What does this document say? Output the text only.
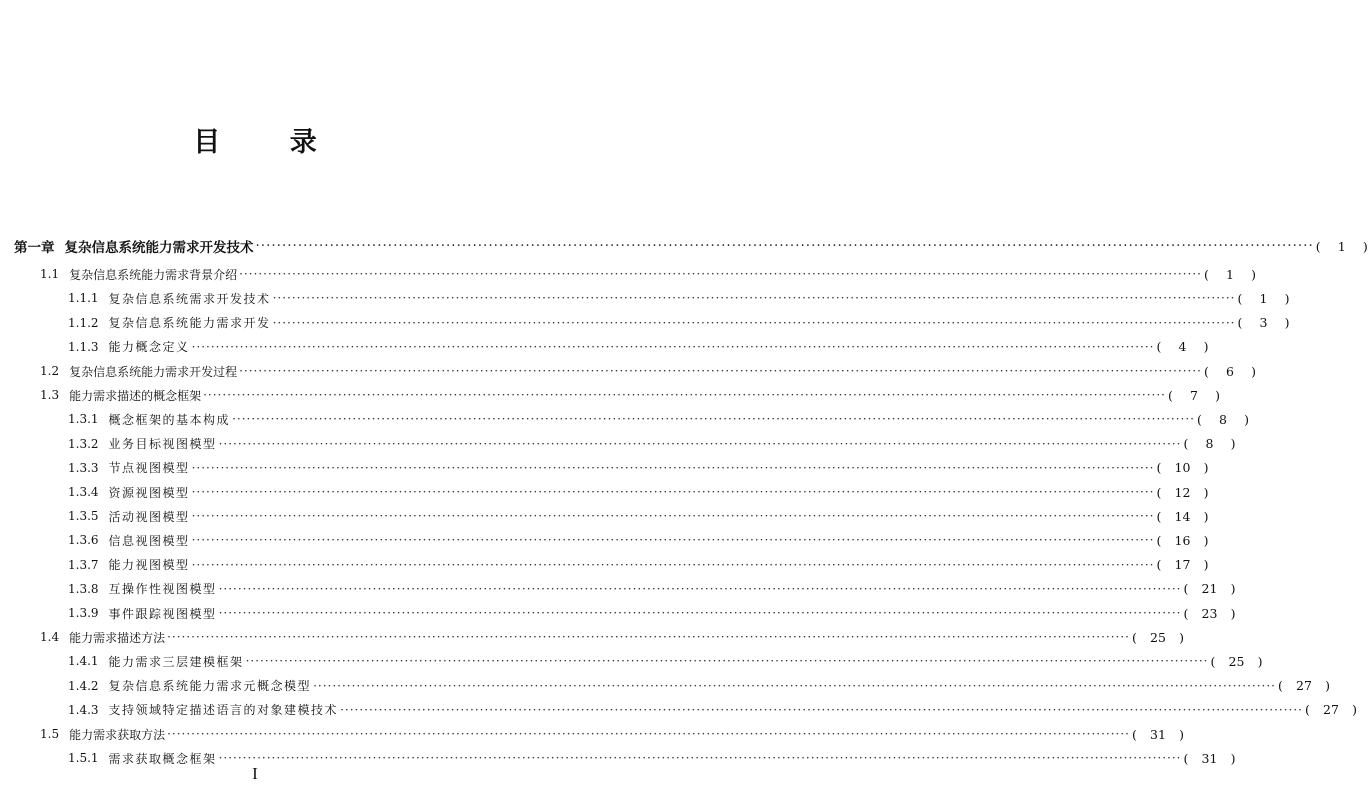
目 录
第一章 复杂信息系统能力需求开发技术 ········································································································································································································ (	1	)
1.1 复杂信息系统能力需求背景介绍 ········································································································································································································ (	1	)
1.1.1 复杂信息系统需求开发技术 ········································································································································································································ (	1	)
1.1.2 复杂信息系统能力需求开发 ········································································································································································································ (	3	)
1.1.3 能力概念定义 ········································································································································································································ (	4	)
1.2 复杂信息系统能力需求开发过程 ········································································································································································································ (	6	)
1.3 能力需求描述的概念框架 ········································································································································································································ (	7	)
1.3.1 概念框架的基本构成 ········································································································································································································ (	8	)
1.3.2 业务目标视图模型 ········································································································································································································ (	8	)
1.3.3 节点视图模型 ········································································································································································································ (	10	)
1.3.4 资源视图模型 ········································································································································································································ (	12	)
1.3.5 活动视图模型 ········································································································································································································ (	14	)
1.3.6 信息视图模型 ········································································································································································································ (	16	)
1.3.7 能力视图模型 ········································································································································································································ (	17	)
1.3.8 互操作性视图模型 ········································································································································································································ (	21	)
1.3.9 事件跟踪视图模型 ········································································································································································································ (	23	)
1.4 能力需求描述方法 ········································································································································································································ (	25	)
1.4.1 能力需求三层建模框架 ········································································································································································································ (	25	)
1.4.2 复杂信息系统能力需求元概念模型 ········································································································································································································ (	27	)
1.4.3 支持领域特定描述语言的对象建模技术 ········································································································································································································ (	27	)
1.5 能力需求获取方法 ········································································································································································································ (	31	)
1.5.1 需求获取概念框架 ········································································································································································································ (	31	)
I
